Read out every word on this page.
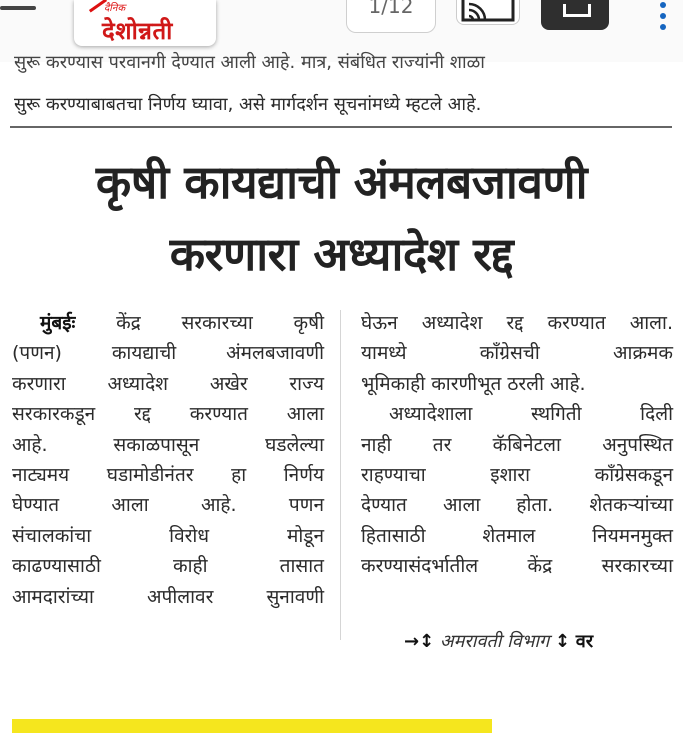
दैनिक
देशोन्नती
1/12
सुरू करण्यास परवानगी देण्यात आली आहे. मात्र, संबंधित राज्यांनी शाळा
सुरू करण्याबाबतचा निर्णय घ्यावा, असे मार्गदर्शन सूचनांमध्ये म्हटले आहे.
कृषी कायद्याची अंमलबजावणी
करणारा अध्यादेश रद्द
मुंबईः केंद्र सरकारच्या कृषी
(पणन) कायद्याची अंमलबजावणी
करणारा अध्यादेश अखेर राज्य
सरकारकडून रद्द करण्यात आला
आहे. सकाळपासून घडलेल्या
नाट्यमय घडामोडीनंतर हा निर्णय
घेण्यात आला आहे. पणन
संचालकांचा विरोध मोडून
काढण्यासाठी काही तासात
आमदारांच्या अपीलावर सुनावणी
घेऊन अध्यादेश रद्द करण्यात आला.
यामध्ये काँग्रेसची आक्रमक
भूमिकाही कारणीभूत ठरली आहे.
अध्यादेशाला स्थगिती दिली
नाही तर कॅबिनेटला अनुपस्थित
राहण्याचा इशारा काँग्रेसकडून
देण्यात आला होता. शेतकऱ्यांच्या
हितासाठी शेतमाल नियमनमुक्त
करण्यासंदर्भातील केंद्र सरकारच्या
→↕ अमरावती विभाग ↕ वर
